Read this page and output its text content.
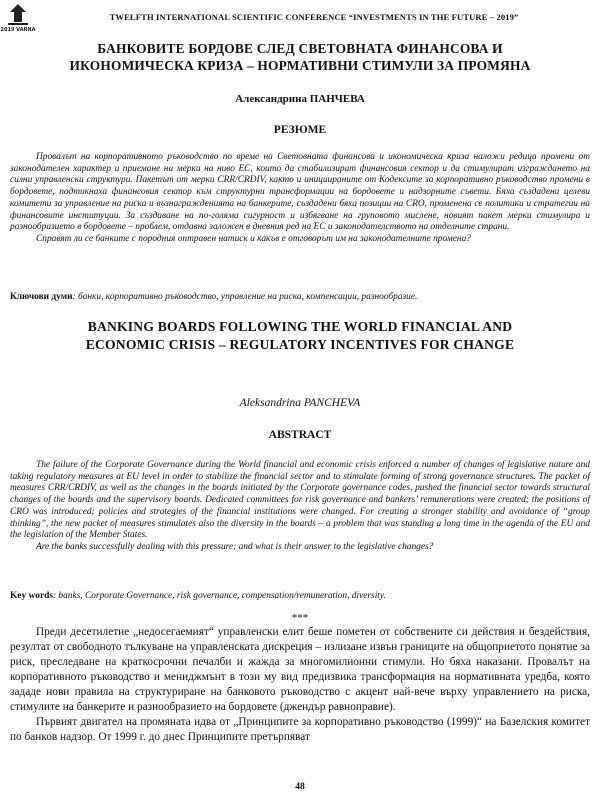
2019 VARNA
TWELFTH INTERNATIONAL SCIENTIFIC CONFERENCE “INVESTMENTS IN THE FUTURE – 2019”
БАНКОВИТЕ БОРДОВЕ СЛЕД СВЕТОВНАТА ФИНАНСОВА И
ИКОНОМИЧЕСКА КРИЗА – НОРМАТИВНИ СТИМУЛИ ЗА ПРОМЯНА
Александрина ПАНЧЕВА
РЕЗЮМЕ

Провалът на корпоративното ръководство по време на Световната финансова и икономическа криза наложи редица промени от законодателен характер и приемане на мерки на ниво ЕС, които да стабилизират финансовия сектор и да стимулират изграждането на силни управленски структури. Пакетът от мерки CRR/CRDIV, както и инициираните от Кодексите за корпоративно ръководство промени в бордовете, подтикнаха финансовия сектор към структурни трансформации на бордовете и надзорните съвети. Бяха създадени целеви комитети за управление на риска и възнаграждениятa на банкерите, създадени бяха позиции на CRO, променена се политики и стратегии на финансовите институции. За създаване на по-голяма сигурност и избягване на груповото мислене, новият пакет мерки стимулира и разнообразието в бордовете – проблем, отдавна заложен в дневния ред на ЕС и законодателството на отделните страни.

Справят ли се банките с породния оптравен натиск и какъв е отговорът им на законодателните промени?

Ключови думи: банки, корпоративно ръководство, управление на риска, компенсации, разнообразие.
BANKING BOARDS FOLLOWING THE WORLD FINANCIAL AND
ECONOMIC CRISIS – REGULATORY INCENTIVES FOR CHANGE
Aleksandrina PANCHEVA
ABSTRACT

The failure of the Corporate Governance during the World financial and economic crisis enforced a number of changes of legislative nature and taking regulatory measures at EU level in order to stabilize the financial sector and to stimulate forming of strong governance structures. The packet of measures CRR/CRDIV, as well as the changes in the boards initiated by the Corporate governance codes, pushed the financial sector towards structural changes of the boards and the supervisory boards. Dedicated committees for risk governance and bankers’ remunerations were created; the positions of CRO was introduced; policies and strategies of the financial institutions were changed. For creating a stronger stability and avoidance of “group thinking”, the new packet of measures stimulates also the diversity in the boards – a problem that was standing a long time in the agenda of the EU and the legislation of the Member States.

Are the banks successfully dealing with this pressure; and what is their answer to the legislative changes?

Key words: banks, Corporate Governance, risk governance, compensation/remuneration, diversity.
***

Преди десетилетие „недосегаемият“ управленски елит беше пометен от собствените си действия и бездействия, резултат от свободното тълкуване на управленската дискреция – излизане извън границите на общоприетото понятие за риск, преследване на краткосрочни печалби и жажда за многомилионни стимули. Но бяха наказани. Провалът на корпоративното ръководство и мениджмънт в този му вид предизвика трансформация на нормативната уредба, която зададе нови правила на структуриране на банковото ръководство с акцент най-вече върху управлението на риска, стимулите на банкерите и разнообразието на бордовете (джендър равноправие).

Първият двигател на промяната идва от „Принципите за корпоративно ръководство (1999)“ на Базелския комитет по банков надзор. От 1999 г. до днес Принципите претърпяват

48
